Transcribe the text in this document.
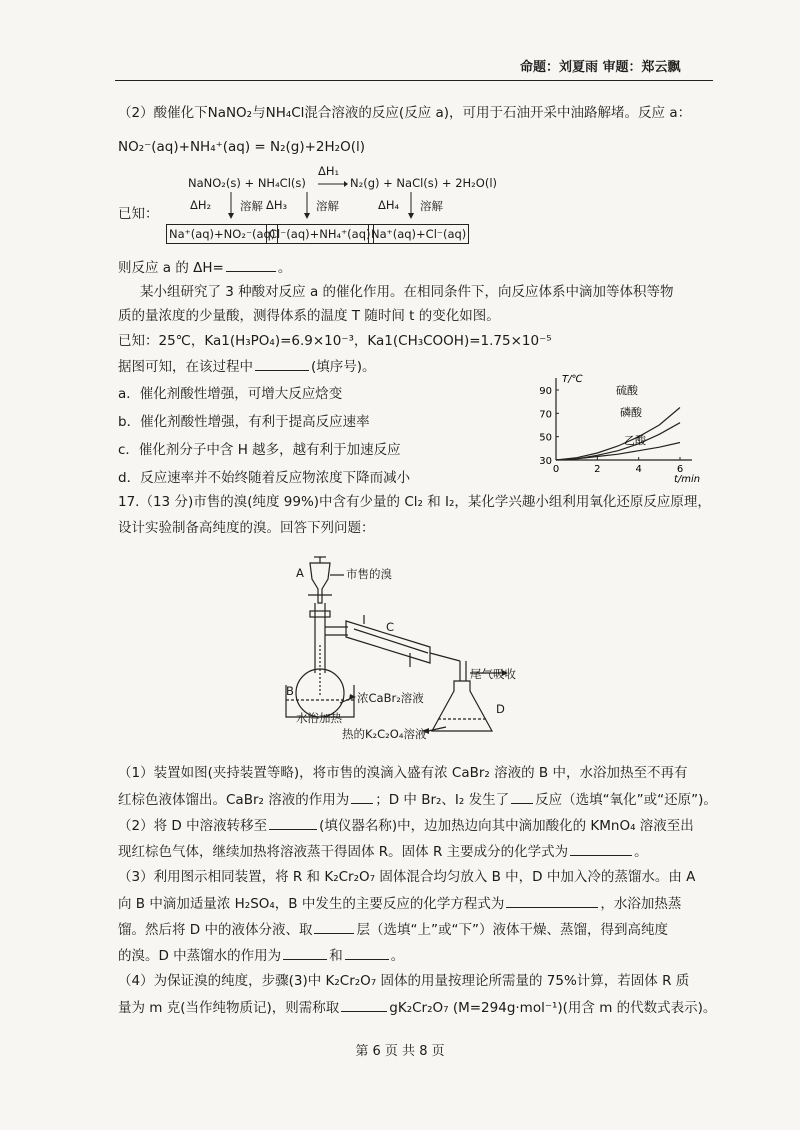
命题：刘夏雨 审题：郑云飘
（2）酸催化下NaNO₂与NH₄Cl混合溶液的反应(反应 a)，可用于石油开采中油路解堵。反应 a：
NO₂⁻(aq)+NH₄⁺(aq) = N₂(g)+2H₂O(l)
已知：
NaNO₂(s) + NH₄Cl(s)
ΔH₁
N₂(g) + NaCl(s) + 2H₂O(l)
ΔH₂	溶解 ΔH₃	溶解	ΔH₄ 溶解
Na⁺(aq)+NO₂⁻(aq)
Cl⁻(aq)+NH₄⁺(aq) Na⁺(aq)+Cl⁻(aq)
则反应 a 的 ΔH=	。
某小组研究了 3 种酸对反应 a 的催化作用。在相同条件下，向反应体系中滴加等体积等物
质的量浓度的少量酸，测得体系的温度 T 随时间 t 的变化如图。
已知：25℃，Ka1(H₃PO₄)=6.9×10⁻³，Ka1(CH₃COOH)=1.75×10⁻⁵
据图可知，在该过程中	(填序号)。
a．催化剂酸性增强，可增大反应焓变
b．催化剂酸性增强，有利于提高反应速率
c．催化剂分子中含 H 越多，越有利于加速反应
d．反应速率并不始终随着反应物浓度下降而减小
T/℃
t/min
90
70
50
30
0	2	4	6
硫酸
磷酸
乙酸
17.（13 分)市售的溴(纯度 99%)中含有少量的 Cl₂ 和 I₂，某化学兴趣小组利用氧化还原反应原理，
设计实验制备高纯度的溴。回答下列问题：
A	市售的溴
C
尾气吸收
B	浓CaBr₂溶液
水浴加热
D
热的K₂C₂O₄溶液
（1）装置如图(夹持装置等略)，将市售的溴滴入盛有浓 CaBr₂ 溶液的 B 中，水浴加热至不再有
红棕色液体馏出。CaBr₂ 溶液的作用为 ；D 中 Br₂、I₂ 发生了 反应（选填“氧化”或“还原”)。
（2）将 D 中溶液转移至	(填仪器名称)中，边加热边向其中滴加酸化的 KMnO₄ 溶液至出
现红棕色气体，继续加热将溶液蒸干得固体 R。固体 R 主要成分的化学式为	。
（3）利用图示相同装置，将 R 和 K₂Cr₂O₇ 固体混合均匀放入 B 中，D 中加入冷的蒸馏水。由 A
向 B 中滴加适量浓 H₂SO₄，B 中发生的主要反应的化学方程式为	，水浴加热蒸
馏。然后将 D 中的液体分液、取	层（选填“上”或“下”）液体干燥、蒸馏，得到高纯度
的溴。D 中蒸馏水的作用为	和	。
（4）为保证溴的纯度，步骤(3)中 K₂Cr₂O₇ 固体的用量按理论所需量的 75%计算，若固体 R 质
量为 m 克(当作纯物质记)，则需称取	gK₂Cr₂O₇ (M=294g·mol⁻¹)(用含 m 的代数式表示)。
第 6 页 共 8 页
